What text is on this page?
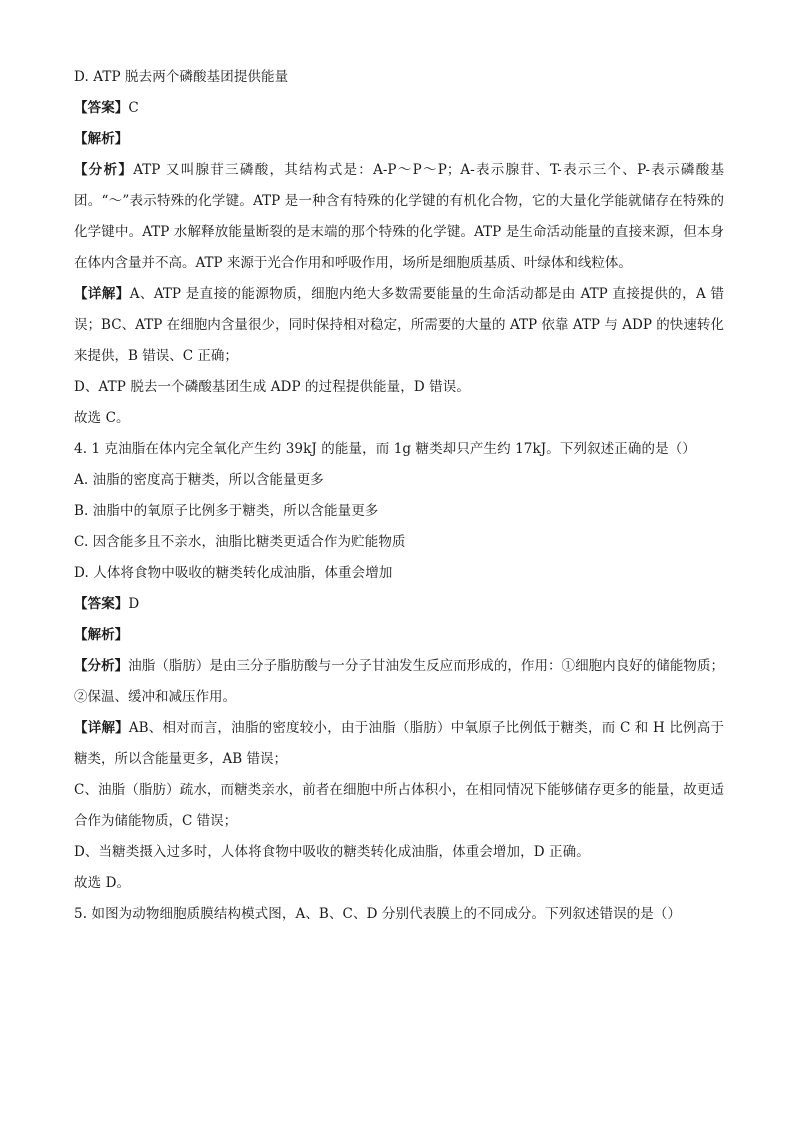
D. ATP 脱去两个磷酸基团提供能量
【答案】C
【解析】
【分析】ATP 又叫腺苷三磷酸，其结构式是：A-P～P～P；A-表示腺苷、T-表示三个、P-表示磷酸基团。“～”表示特殊的化学键。ATP 是一种含有特殊的化学键的有机化合物，它的大量化学能就储存在特殊的化学键中。ATP 水解释放能量断裂的是末端的那个特殊的化学键。ATP 是生命活动能量的直接来源，但本身在体内含量并不高。ATP 来源于光合作用和呼吸作用，场所是细胞质基质、叶绿体和线粒体。
【详解】A、ATP 是直接的能源物质，细胞内绝大多数需要能量的生命活动都是由 ATP 直接提供的，A 错误；BC、ATP 在细胞内含量很少，同时保持相对稳定，所需要的大量的 ATP 依靠 ATP 与 ADP 的快速转化来提供，B 错误、C 正确；
D、ATP 脱去一个磷酸基团生成 ADP 的过程提供能量，D 错误。
故选 C。
4. 1 克油脂在体内完全氧化产生约 39kJ 的能量，而 1g 糖类却只产生约 17kJ。下列叙述正确的是（）
A. 油脂的密度高于糖类，所以含能量更多
B. 油脂中的氧原子比例多于糖类，所以含能量更多
C. 因含能多且不亲水，油脂比糖类更适合作为贮能物质
D. 人体将食物中吸收的糖类转化成油脂，体重会增加
【答案】D
【解析】
【分析】油脂（脂肪）是由三分子脂肪酸与一分子甘油发生反应而形成的，作用：①细胞内良好的储能物质；②保温、缓冲和减压作用。
【详解】AB、相对而言，油脂的密度较小，由于油脂（脂肪）中氧原子比例低于糖类，而 C 和 H 比例高于糖类，所以含能量更多，AB 错误；
C、油脂（脂肪）疏水，而糖类亲水，前者在细胞中所占体积小，在相同情况下能够储存更多的能量，故更适合作为储能物质，C 错误；
D、当糖类摄入过多时，人体将食物中吸收的糖类转化成油脂，体重会增加，D 正确。
故选 D。
5. 如图为动物细胞质膜结构模式图，A、B、C、D 分别代表膜上的不同成分。下列叙述错误的是（）
